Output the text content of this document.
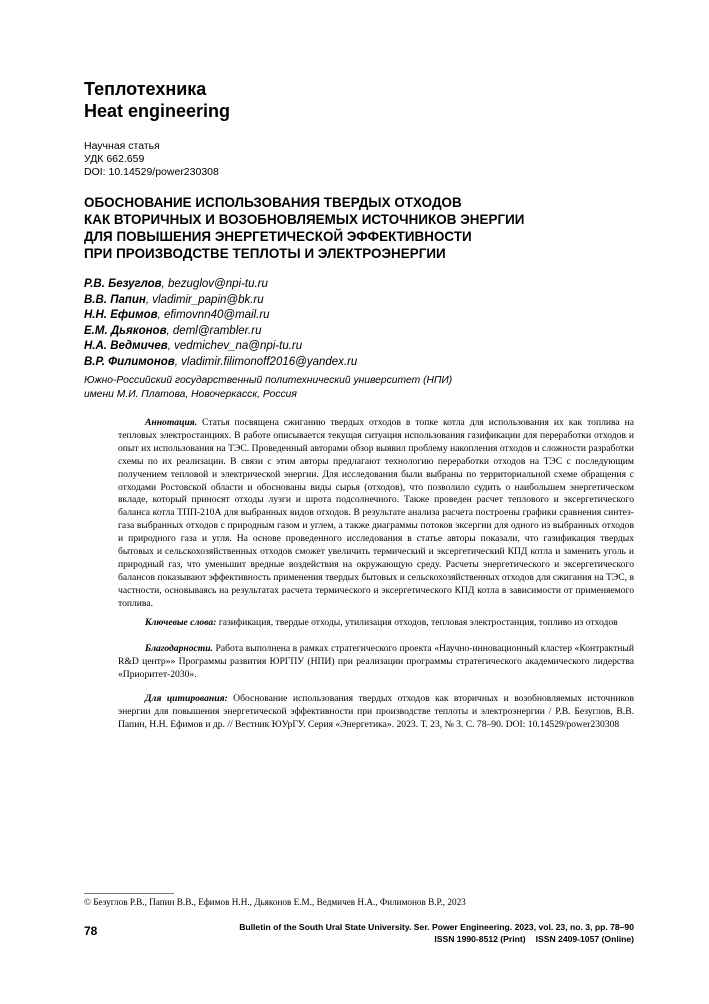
Теплотехника
Heat engineering
Научная статья
УДК 662.659
DOI: 10.14529/power230308
ОБОСНОВАНИЕ ИСПОЛЬЗОВАНИЯ ТВЕРДЫХ ОТХОДОВ
КАК ВТОРИЧНЫХ И ВОЗОБНОВЛЯЕМЫХ ИСТОЧНИКОВ ЭНЕРГИИ
ДЛЯ ПОВЫШЕНИЯ ЭНЕРГЕТИЧЕСКОЙ ЭФФЕКТИВНОСТИ
ПРИ ПРОИЗВОДСТВЕ ТЕПЛОТЫ И ЭЛЕКТРОЭНЕРГИИ
Р.В. Безуглов, bezuglov@npi-tu.ru
В.В. Папин, vladimir_papin@bk.ru
Н.Н. Ефимов, efimovnn40@mail.ru
Е.М. Дьяконов, deml@rambler.ru
Н.А. Ведмичев, vedmichev_na@npi-tu.ru
В.Р. Филимонов, vladimir.filimonoff2016@yandex.ru
Южно-Российский государственный политехнический университет (НПИ)
имени М.И. Платова, Новочеркасск, Россия
Аннотация. Статья посвящена сжиганию твердых отходов в топке котла для использования их как топлива на тепловых электростанциях. В работе описывается текущая ситуация использования газификации для переработки отходов и опыт их использования на ТЭС. Проведенный авторами обзор выявил проблему накопления отходов и сложности разработки схемы по их реализации. В связи с этим авторы предлагают технологию переработки отходов на ТЭС с последующим получением тепловой и электрической энергии. Для исследования были выбраны по территориальной схеме обращения с отходами Ростовской области и обоснованы виды сырья (отходов), что позволило судить о наибольшем энергетическом вкладе, который приносят отходы лузги и шрота подсолнечного. Также проведен расчет теплового и эксергетического баланса котла ТПП-210А для выбранных видов отходов. В результате анализа расчета построены графики сравнения синтез-газа выбранных отходов с природным газом и углем, а также диаграммы потоков эксергии для одного из выбранных отходов и природного газа и угля. На основе проведенного исследования в статье авторы показали, что газификация твердых бытовых и сельскохозяйственных отходов сможет увеличить термический и эксергетический КПД котла и заменить уголь и природный газ, что уменьшит вредные воздействия на окружающую среду. Расчеты энергетического и эксергетического балансов показывают эффективность применения твердых бытовых и сельскохозяйственных отходов для сжигания на ТЭС, в частности, основываясь на результатах расчета термического и эксергетического КПД котла в зависимости от применяемого топлива.
Ключевые слова: газификация, твердые отходы, утилизация отходов, тепловая электростанция, топливо из отходов
Благодарности. Работа выполнена в рамках стратегического проекта «Научно-инновационный кластер «Контрактный R&D центр»» Программы развития ЮРГПУ (НПИ) при реализации программы стратегического академического лидерства «Приоритет-2030».
Для цитирования: Обоснование использования твердых отходов как вторичных и возобновляемых источников энергии для повышения энергетической эффективности при производстве теплоты и электроэнергии / Р.В. Безуглов, В.В. Папин, Н.Н. Ефимов и др. // Вестник ЮУрГУ. Серия «Энергетика». 2023. Т. 23, № 3. С. 78–90. DOI: 10.14529/power230308
© Безуглов Р.В., Папин В.В., Ефимов Н.Н., Дьяконов Е.М., Ведмичев Н.А., Филимонов В.Р., 2023
78	Bulletin of the South Ural State University. Ser. Power Engineering. 2023, vol. 23, no. 3, pp. 78–90
ISSN 1990-8512 (Print) ISSN 2409-1057 (Online)
